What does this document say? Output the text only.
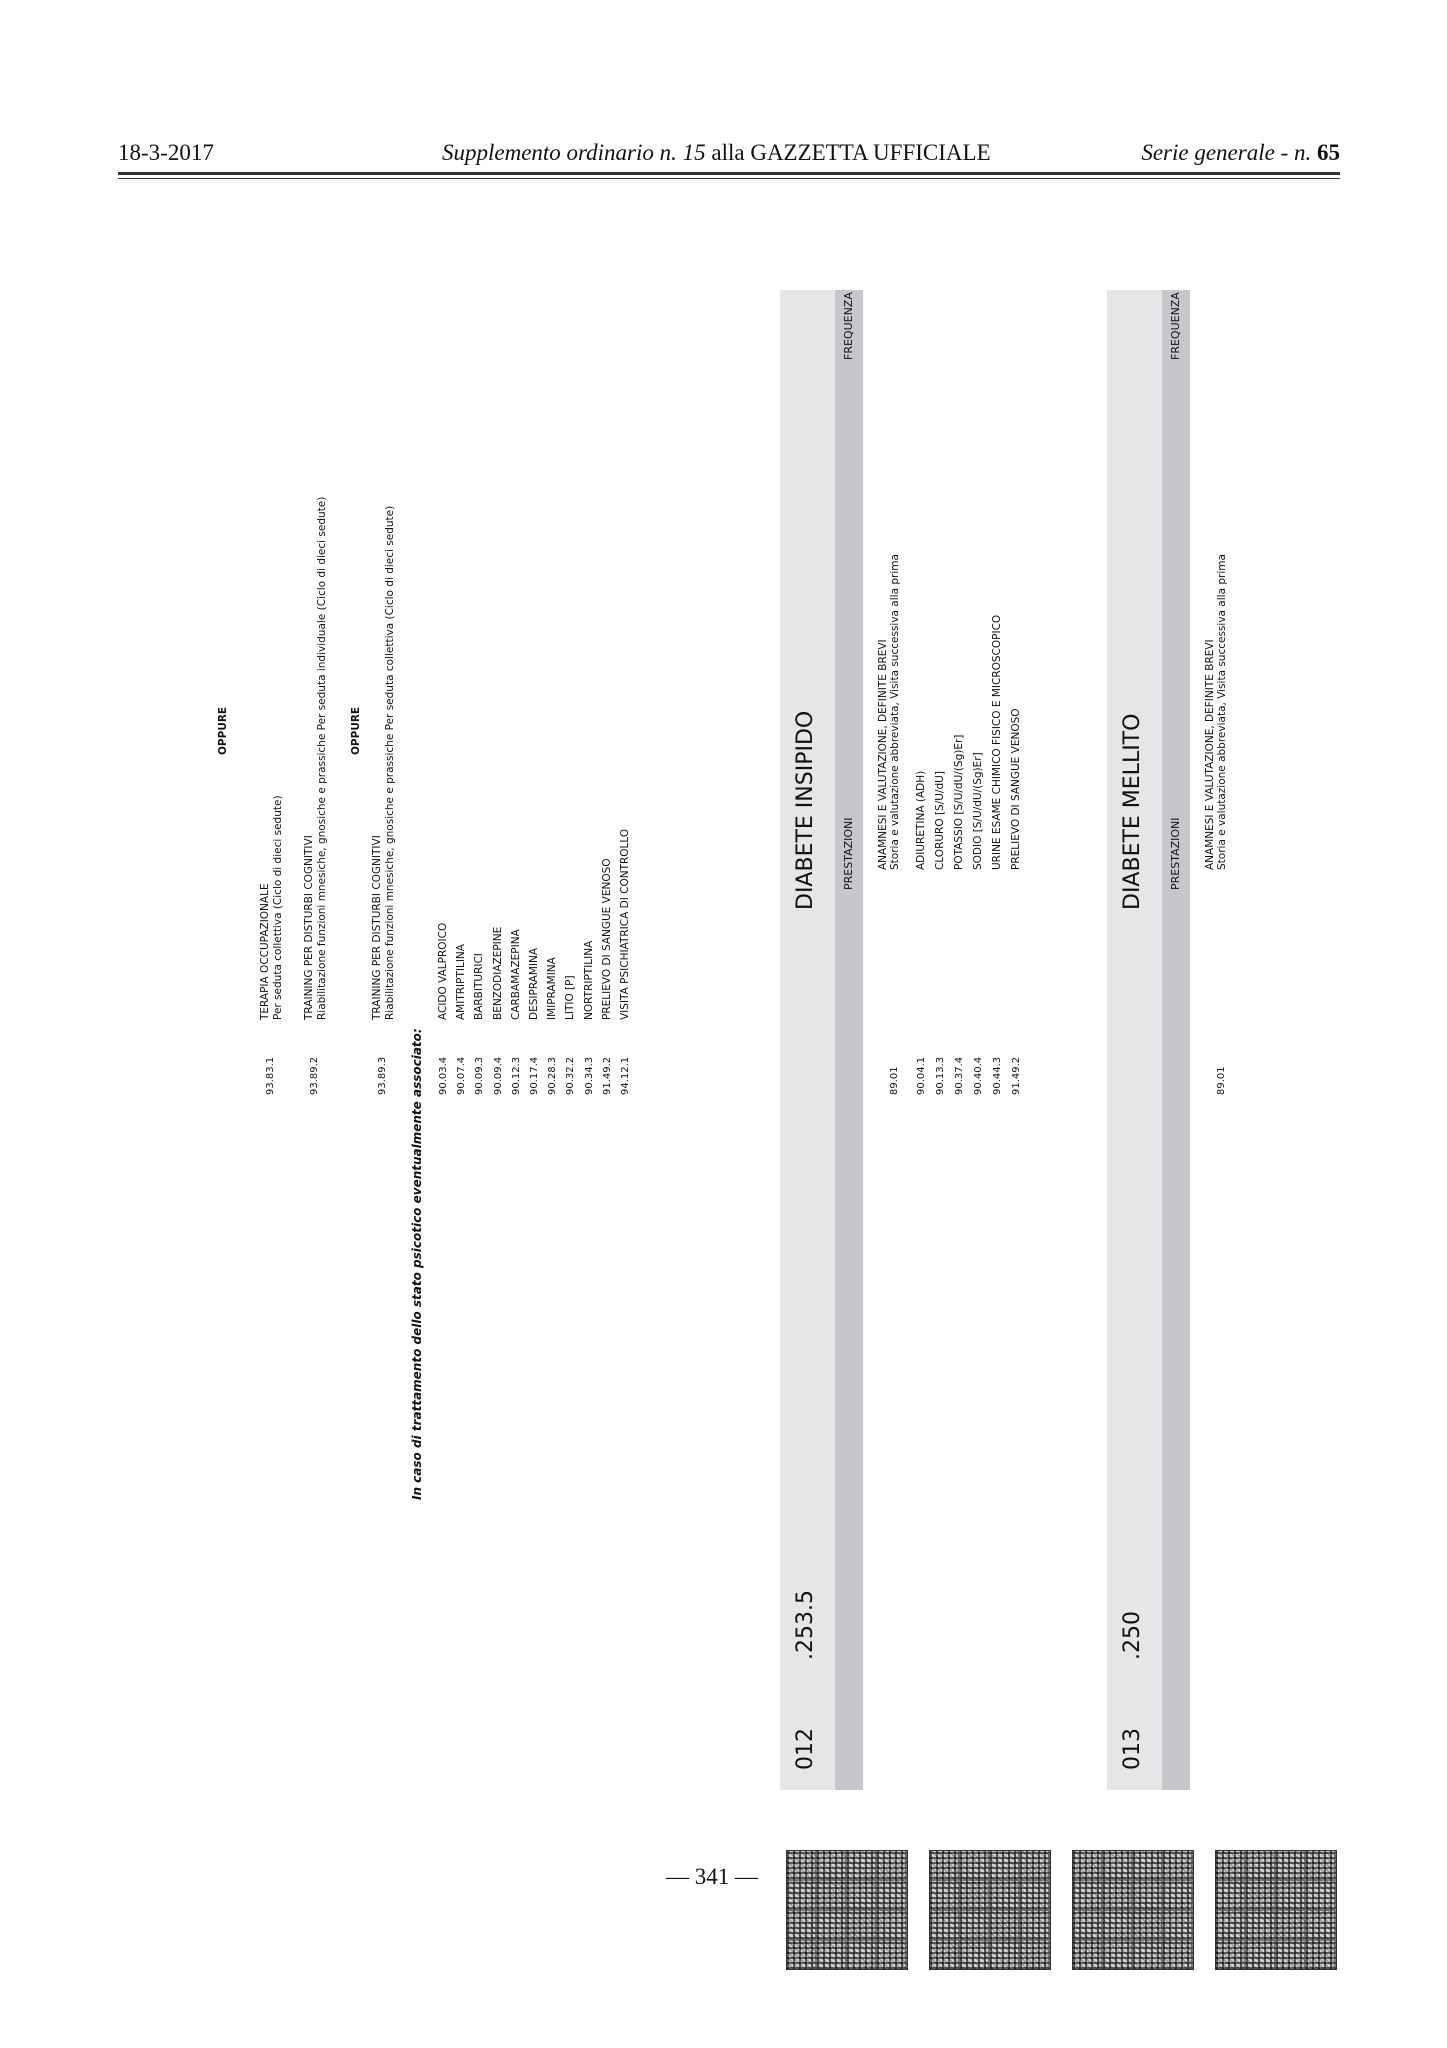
18-3-2017	Supplemento ordinario n. 15 alla GAZZETTA UFFICIALE	Serie generale - n. 65
OPPURE
93.83.1
TERAPIA OCCUPAZIONALE Per seduta collettiva (Ciclo di dieci sedute)
93.89.2
TRAINING PER DISTURBI COGNITIVI Riabilitazione funzioni mnesiche, gnosiche e prassiche Per seduta individuale (Ciclo di dieci sedute) OPPURE
93.89.3
TRAINING PER DISTURBI COGNITIVI Riabilitazione funzioni mnesiche, gnosiche e prassiche Per seduta collettiva (Ciclo di dieci sedute)
In caso di trattamento dello stato psicotico eventualmente associato: 90.03.4
ACIDO VALPROICO
90.07.4
AMITRIPTILINA
90.09.3
BARBITURICI
90.09.4
BENZODIAZEPINE
90.12.3
CARBAMAZEPINA
90.17.4
DESIPRAMINA
90.28.3
IMIPRAMINA
90.32.2
LITIO [P]
90.34.3
NORTRIPTILINA
91.49.2
PRELIEVO DI SANGUE VENOSO
94.12.1
VISITA PSICHIATRICA DI CONTROLLO
012
.253.5
DIABETE INSIPIDO PRESTAZIONI
FREQUENZA
89.01
ANAMNESI E VALUTAZIONE, DEFINITE BREVI Storia e valutazione abbreviata, Visita successiva alla prima
90.04.1
ADIURETINA (ADH)
90.13.3
CLORURO [S/U/dU]
90.37.4
POTASSIO [S/U/dU/(Sg)Er]
90.40.4
SODIO [S/U/dU/(Sg)Er]
90.44.3
URINE ESAME CHIMICO FISICO E MICROSCOPICO
91.49.2
PRELIEVO DI SANGUE VENOSO
013
.250
DIABETE MELLITO PRESTAZIONI
FREQUENZA
89.01
ANAMNESI E VALUTAZIONE, DEFINITE BREVI Storia e valutazione abbreviata, Visita successiva alla prima
— 341 —
